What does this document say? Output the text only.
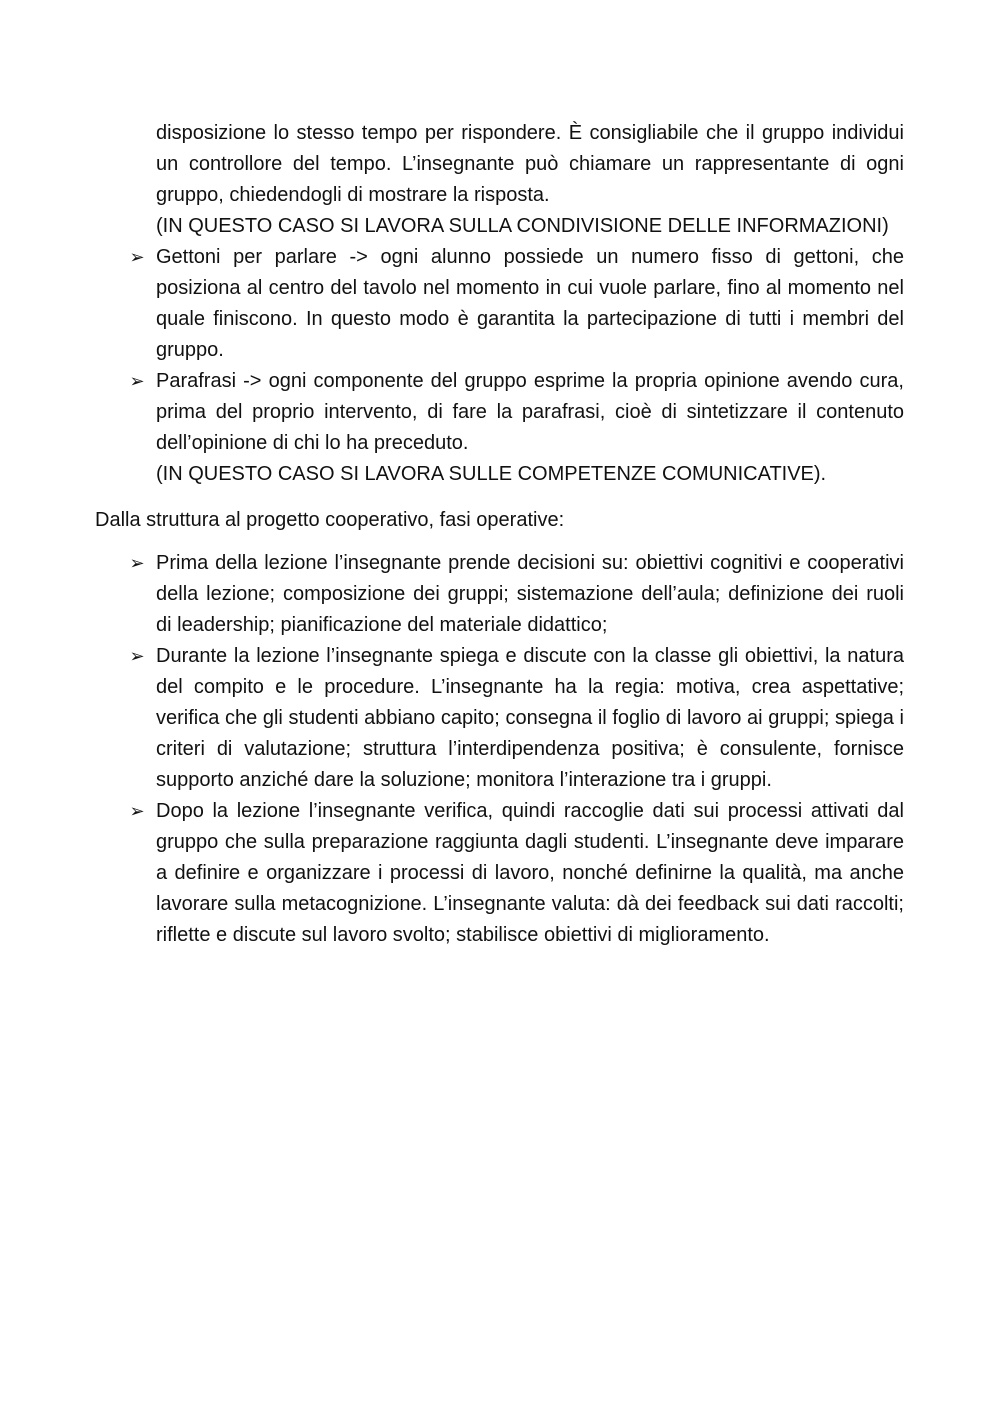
disposizione lo stesso tempo per rispondere. È consigliabile che il gruppo individui un controllore del tempo. L’insegnante può chiamare un rappresentante di ogni gruppo, chiedendogli di mostrare la risposta.

(IN QUESTO CASO SI LAVORA SULLA CONDIVISIONE DELLE INFORMAZIONI)

➢ Gettoni per parlare -> ogni alunno possiede un numero fisso di gettoni, che posiziona al centro del tavolo nel momento in cui vuole parlare, fino al momento nel quale finiscono. In questo modo è garantita la partecipazione di tutti i membri del gruppo.

➢ Parafrasi -> ogni componente del gruppo esprime la propria opinione avendo cura, prima del proprio intervento, di fare la parafrasi, cioè di sintetizzare il contenuto dell’opinione di chi lo ha preceduto.

(IN QUESTO CASO SI LAVORA SULLE COMPETENZE COMUNICATIVE).

Dalla struttura al progetto cooperativo, fasi operative:
➢ Prima della lezione l’insegnante prende decisioni su: obiettivi cognitivi e cooperativi della lezione; composizione dei gruppi; sistemazione dell’aula; definizione dei ruoli di leadership; pianificazione del materiale didattico;

➢ Durante la lezione l’insegnante spiega e discute con la classe gli obiettivi, la natura del compito e le procedure. L’insegnante ha la regia: motiva, crea aspettative; verifica che gli studenti abbiano capito; consegna il foglio di lavoro ai gruppi; spiega i criteri di valutazione; struttura l’interdipendenza positiva; è consulente, fornisce supporto anziché dare la soluzione; monitora l’interazione tra i gruppi.

➢ Dopo la lezione l’insegnante verifica, quindi raccoglie dati sui processi attivati dal gruppo che sulla preparazione raggiunta dagli studenti. L’insegnante deve imparare a definire e organizzare i processi di lavoro, nonché definirne la qualità, ma anche lavorare sulla metacognizione. L’insegnante valuta: dà dei feedback sui dati raccolti; riflette e discute sul lavoro svolto; stabilisce obiettivi di miglioramento.
